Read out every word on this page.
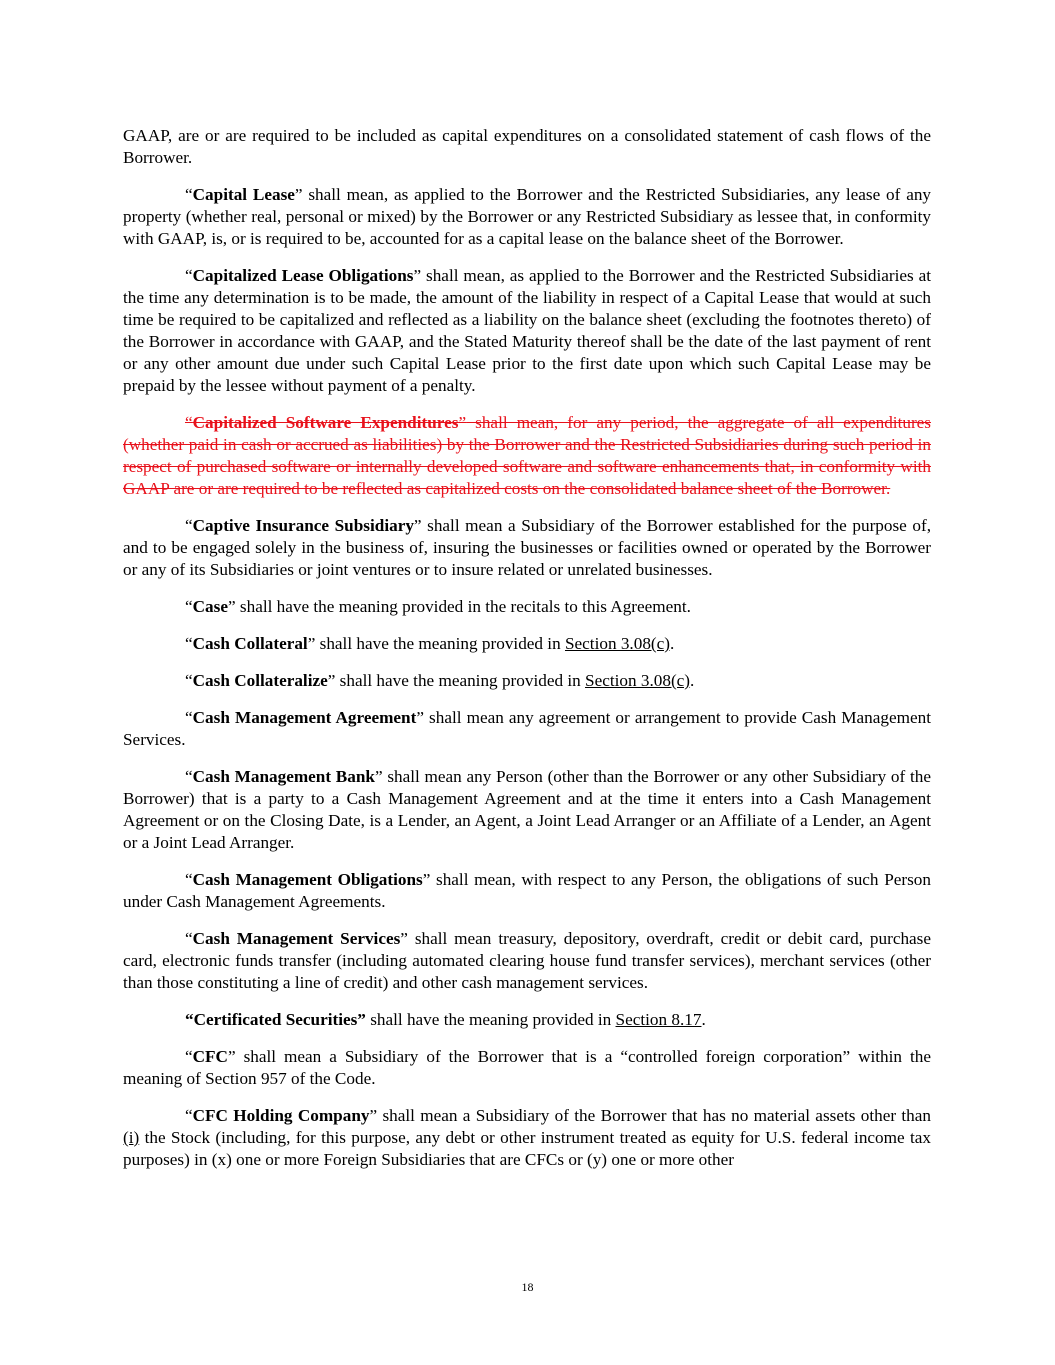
GAAP, are or are required to be included as capital expenditures on a consolidated statement of cash flows of the Borrower.

“Capital Lease” shall mean, as applied to the Borrower and the Restricted Subsidiaries, any lease of any property (whether real, personal or mixed) by the Borrower or any Restricted Subsidiary as lessee that, in conformity with GAAP, is, or is required to be, accounted for as a capital lease on the balance sheet of the Borrower.

“Capitalized Lease Obligations” shall mean, as applied to the Borrower and the Restricted Subsidiaries at the time any determination is to be made, the amount of the liability in respect of a Capital Lease that would at such time be required to be capitalized and reflected as a liability on the balance sheet (excluding the footnotes thereto) of the Borrower in accordance with GAAP, and the Stated Maturity thereof shall be the date of the last payment of rent or any other amount due under such Capital Lease prior to the first date upon which such Capital Lease may be prepaid by the lessee without payment of a penalty.

“Capitalized Software Expenditures” shall mean, for any period, the aggregate of all expenditures (whether paid in cash or accrued as liabilities) by the Borrower and the Restricted Subsidiaries during such period in respect of purchased software or internally developed software and software enhancements that, in conformity with GAAP are or are required to be reflected as capitalized costs on the consolidated balance sheet of the Borrower.

“Captive Insurance Subsidiary” shall mean a Subsidiary of the Borrower established for the purpose of, and to be engaged solely in the business of, insuring the businesses or facilities owned or operated by the Borrower or any of its Subsidiaries or joint ventures or to insure related or unrelated businesses.

“Case” shall have the meaning provided in the recitals to this Agreement.

“Cash Collateral” shall have the meaning provided in Section 3.08(c).

“Cash Collateralize” shall have the meaning provided in Section 3.08(c).

“Cash Management Agreement” shall mean any agreement or arrangement to provide Cash Management Services.

“Cash Management Bank” shall mean any Person (other than the Borrower or any other Subsidiary of the Borrower) that is a party to a Cash Management Agreement and at the time it enters into a Cash Management Agreement or on the Closing Date, is a Lender, an Agent, a Joint Lead Arranger or an Affiliate of a Lender, an Agent or a Joint Lead Arranger.

“Cash Management Obligations” shall mean, with respect to any Person, the obligations of such Person under Cash Management Agreements.

“Cash Management Services” shall mean treasury, depository, overdraft, credit or debit card, purchase card, electronic funds transfer (including automated clearing house fund transfer services), merchant services (other than those constituting a line of credit) and other cash management services.

“Certificated Securities” shall have the meaning provided in Section 8.17.

“CFC” shall mean a Subsidiary of the Borrower that is a “controlled foreign corporation” within the meaning of Section 957 of the Code.

“CFC Holding Company” shall mean a Subsidiary of the Borrower that has no material assets other than (i) the Stock (including, for this purpose, any debt or other instrument treated as equity for U.S. federal income tax purposes) in (x) one or more Foreign Subsidiaries that are CFCs or (y) one or more other

18
